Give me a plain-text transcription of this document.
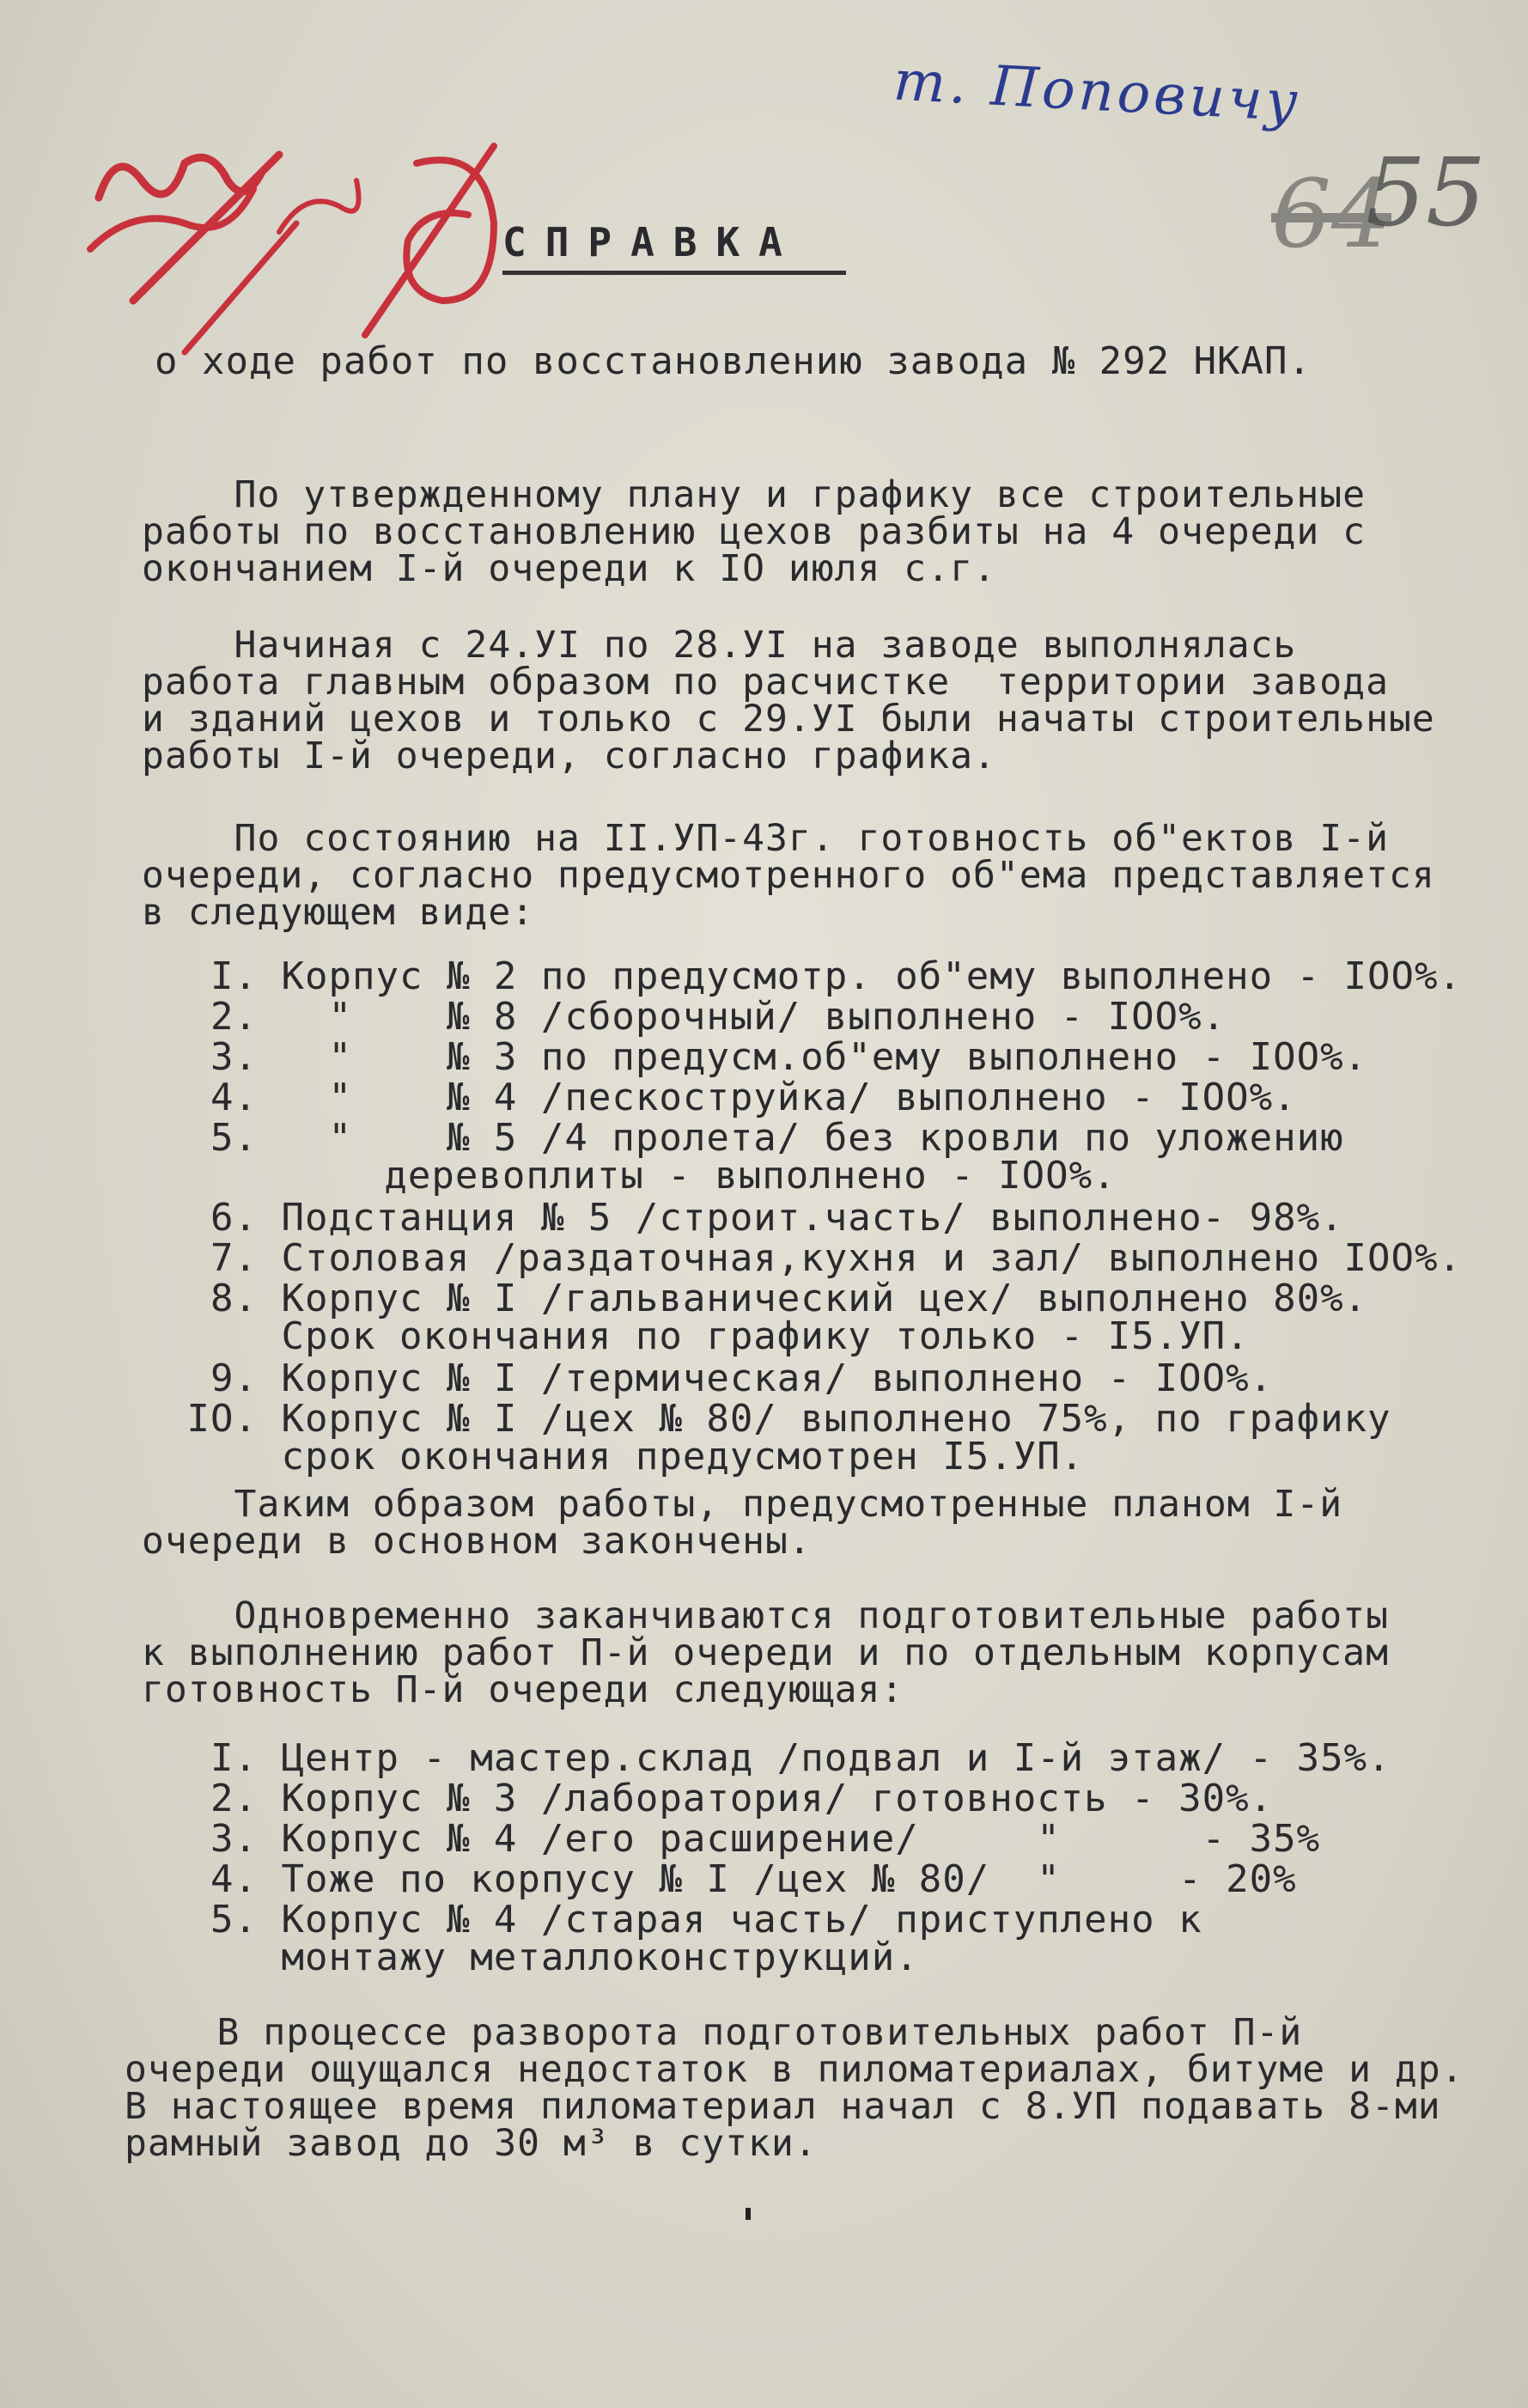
т. Поповичу
64
55
СПРАВКА
о ходе работ по восстановлению завода № 292 НКАП.
По утвержденному плану и графику все строительные
работы по восстановлению цехов разбиты на 4 очереди с
окончанием I-й очереди к IO июля с.г.
Начиная с 24.УI по 28.УI на заводе выполнялась
работа главным образом по расчистке  территории завода
и зданий цехов и только с 29.УI были начаты строительные
работы I-й очереди, согласно графика.
По состоянию на II.УП-43г. готовность об"ектов I-й
очереди, согласно предусмотренного об"ема представляется
в следующем виде:
I. Корпус № 2 по предусмотр. об"ему выполнено - IOO%.
2.   "    № 8 /сборочный/ выполнено - IOO%.
3.   "    № 3 по предусм.об"ему выполнено - IOO%.
4.   "    № 4 /пескоструйка/ выполнено - IOO%.
5.   "    № 5 /4 пролета/ без кровли по уложению
деревоплиты - выполнено - IOO%.
6. Подстанция № 5 /строит.часть/ выполнено- 98%.
7. Столовая /раздаточная,кухня и зал/ выполнено IOO%.
8. Корпус № I /гальванический цех/ выполнено 80%.
Срок окончания по графику только - I5.УП.
9. Корпус № I /термическая/ выполнено - IOO%.
IO. Корпус № I /цех № 80/ выполнено 75%, по графику
срок окончания предусмотрен I5.УП.
Таким образом работы, предусмотренные планом I-й
очереди в основном закончены.
Одновременно заканчиваются подготовительные работы
к выполнению работ П-й очереди и по отдельным корпусам
готовность П-й очереди следующая:
I. Центр - мастер.склад /подвал и I-й этаж/ - 35%.
2. Корпус № 3 /лаборатория/ готовность - 30%.
3. Корпус № 4 /его расширение/     "      - 35%
4. Тоже по корпусу № I /цех № 80/  "     - 20%
5. Корпус № 4 /старая часть/ приступлено к
монтажу металлоконструкций.
В процессе разворота подготовительных работ П-й
очереди ощущался недостаток в пиломатериалах, битуме и др.
В настоящее время пиломатериал начал с 8.УП подавать 8-ми
рамный завод до 30 м³ в сутки.
